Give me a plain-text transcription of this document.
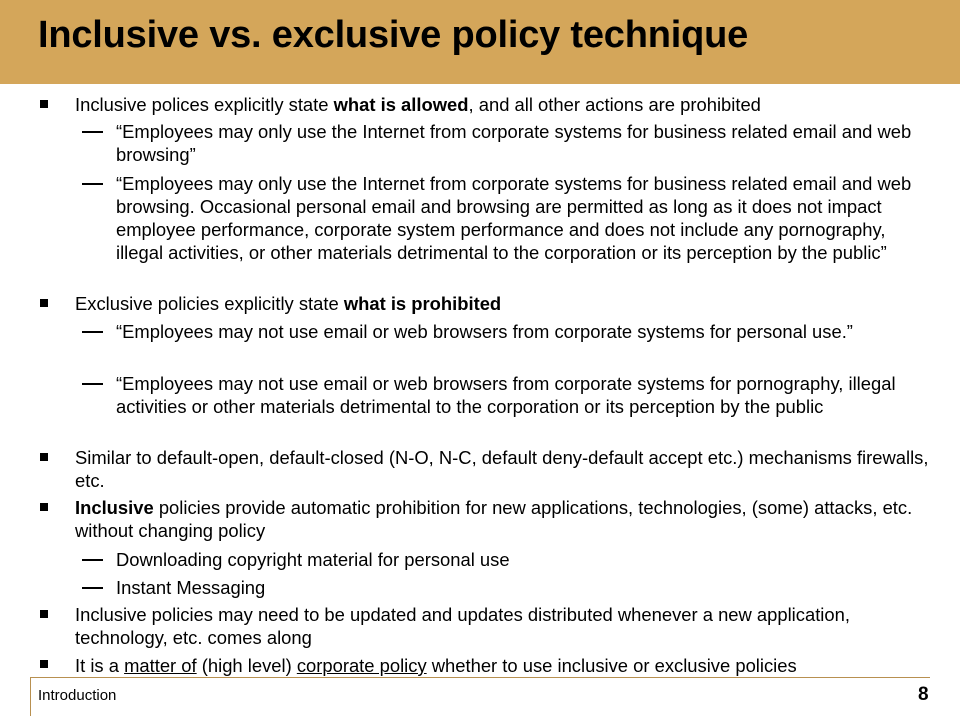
Inclusive vs. exclusive policy technique
Inclusive polices explicitly state what is allowed, and all other actions are prohibited
“Employees may only use the Internet from corporate systems for business related email and web browsing”
“Employees may only use the Internet from corporate systems for business related email and web browsing. Occasional personal email and browsing are permitted as long as it does not impact employee performance, corporate system performance and does not include any pornography, illegal activities, or other materials detrimental to the corporation or its perception by the public”
Exclusive policies explicitly state what is prohibited
“Employees may not use email or web browsers from corporate systems for personal use.”
“Employees may not use email or web browsers from corporate systems for pornography, illegal activities or other materials detrimental to the corporation or its perception by the public
Similar to default-open, default-closed (N-O, N-C, default deny-default accept etc.) mechanisms firewalls, etc.
Inclusive policies provide automatic prohibition for new applications, technologies, (some) attacks, etc. without changing policy
Downloading copyright material for personal use
Instant Messaging
Inclusive policies may need to be updated and updates distributed whenever a new application, technology, etc. comes along
It is a matter of (high level) corporate policy whether to use inclusive or exclusive policies
Introduction	8
